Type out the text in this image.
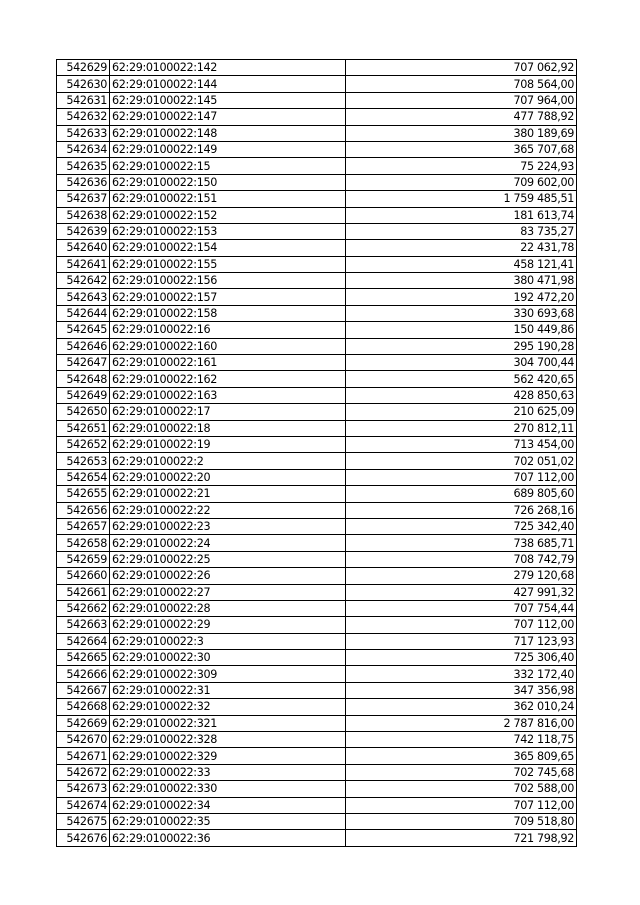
542629	62:29:0100022:142	707 062,92
542630	62:29:0100022:144	708 564,00
542631	62:29:0100022:145	707 964,00
542632	62:29:0100022:147	477 788,92
542633	62:29:0100022:148	380 189,69
542634	62:29:0100022:149	365 707,68
542635	62:29:0100022:15	75 224,93
542636	62:29:0100022:150	709 602,00
542637	62:29:0100022:151	1 759 485,51
542638	62:29:0100022:152	181 613,74
542639	62:29:0100022:153	83 735,27
542640	62:29:0100022:154	22 431,78
542641	62:29:0100022:155	458 121,41
542642	62:29:0100022:156	380 471,98
542643	62:29:0100022:157	192 472,20
542644	62:29:0100022:158	330 693,68
542645	62:29:0100022:16	150 449,86
542646	62:29:0100022:160	295 190,28
542647	62:29:0100022:161	304 700,44
542648	62:29:0100022:162	562 420,65
542649	62:29:0100022:163	428 850,63
542650	62:29:0100022:17	210 625,09
542651	62:29:0100022:18	270 812,11
542652	62:29:0100022:19	713 454,00
542653	62:29:0100022:2	702 051,02
542654	62:29:0100022:20	707 112,00
542655	62:29:0100022:21	689 805,60
542656	62:29:0100022:22	726 268,16
542657	62:29:0100022:23	725 342,40
542658	62:29:0100022:24	738 685,71
542659	62:29:0100022:25	708 742,79
542660	62:29:0100022:26	279 120,68
542661	62:29:0100022:27	427 991,32
542662	62:29:0100022:28	707 754,44
542663	62:29:0100022:29	707 112,00
542664	62:29:0100022:3	717 123,93
542665	62:29:0100022:30	725 306,40
542666	62:29:0100022:309	332 172,40
542667	62:29:0100022:31	347 356,98
542668	62:29:0100022:32	362 010,24
542669	62:29:0100022:321	2 787 816,00
542670	62:29:0100022:328	742 118,75
542671	62:29:0100022:329	365 809,65
542672	62:29:0100022:33	702 745,68
542673	62:29:0100022:330	702 588,00
542674	62:29:0100022:34	707 112,00
542675	62:29:0100022:35	709 518,80
542676	62:29:0100022:36	721 798,92
